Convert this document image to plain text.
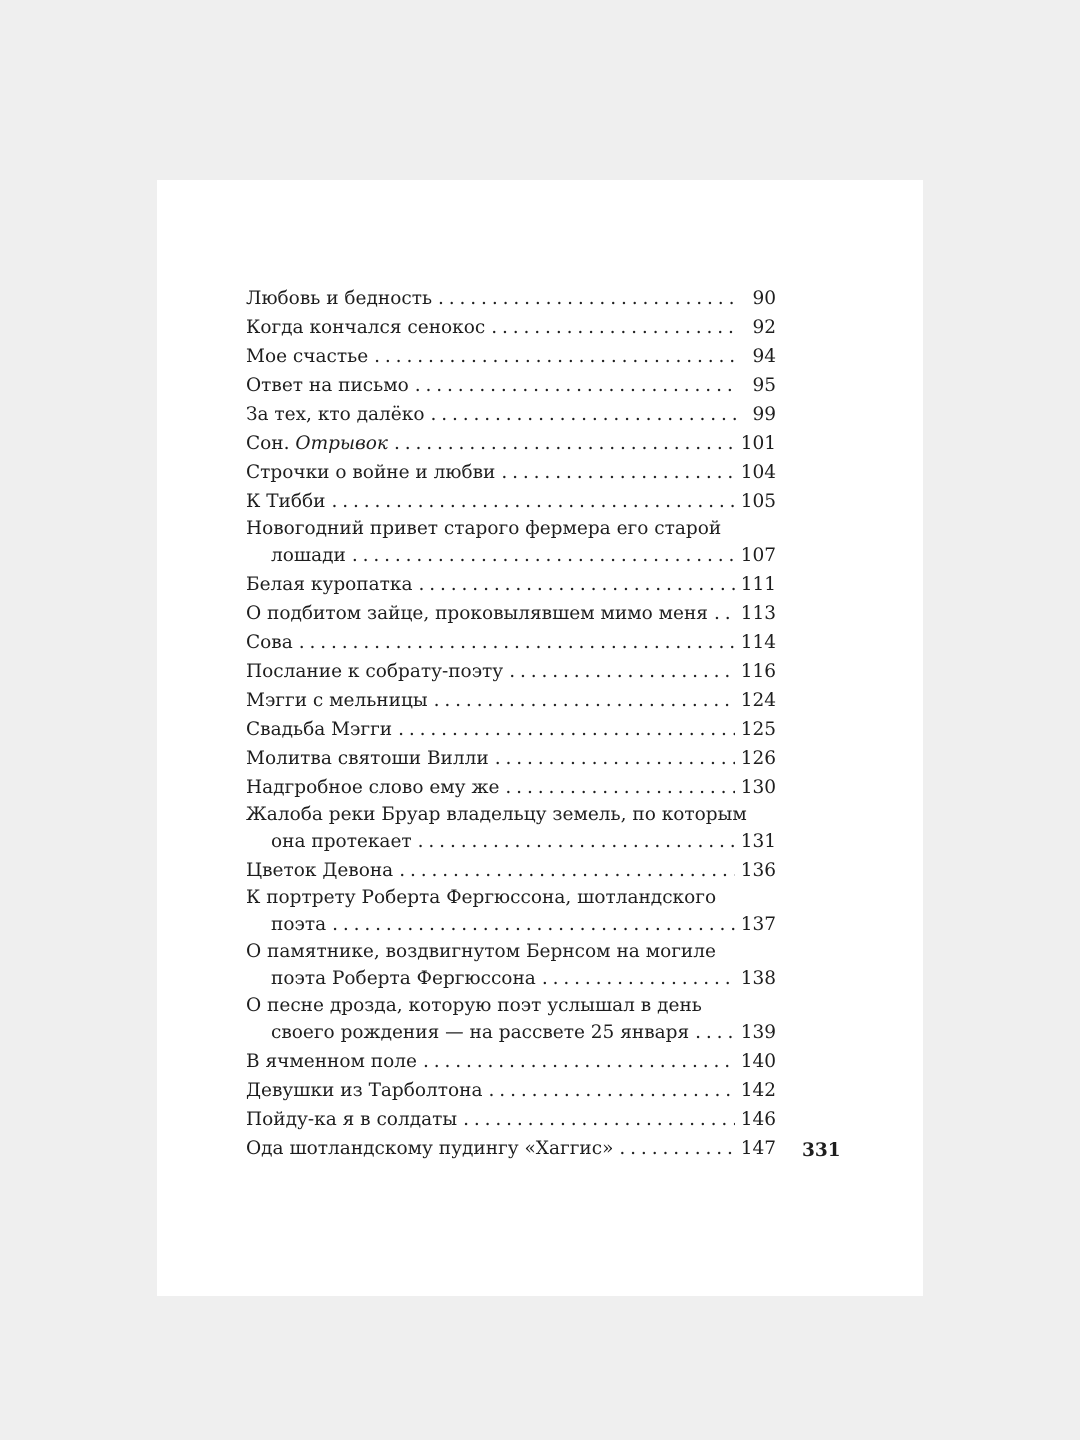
Любовь и бедность . . .	90
Когда кончался сенокос . . .	92
Мое счастье . . .	94
Ответ на письмо . . .	95
За тех, кто далёко . . .	99
Сон.
Отрывок . . .	101
Строчки о войне и любви . . .	104
К Тибби . . .	105
Новогодний привет старого фермера его старой
лошади . . .	107
Белая куропатка . . .	111
О подбитом зайце, проковылявшем мимо меня . . . 113
Сова . . .	114
Послание к собрату-поэту . . .	116
Мэгги с мельницы . . .	124
Свадьба Мэгги . . .	125
Молитва святоши Вилли . . .	126
Надгробное слово ему же . . .	130
Жалоба реки Бруар владельцу земель, по которым
она протекает . . .	131
Цветок Девона . . .	136
К портрету Роберта Фергюссона, шотландского
поэта . . .	137
О памятнике, воздвигнутом Бернсом на могиле
поэта Роберта Фергюссона . . .	138
О песне дрозда, которую поэт услышал в день
своего рождения — на рассвете 25 января . . .	139
В ячменном поле . . .	140
Девушки из Тарболтона . . .	142
Пойду-ка я в солдаты . . .	146
Ода шотландскому пудингу «Хаггис» . . .	147 331
